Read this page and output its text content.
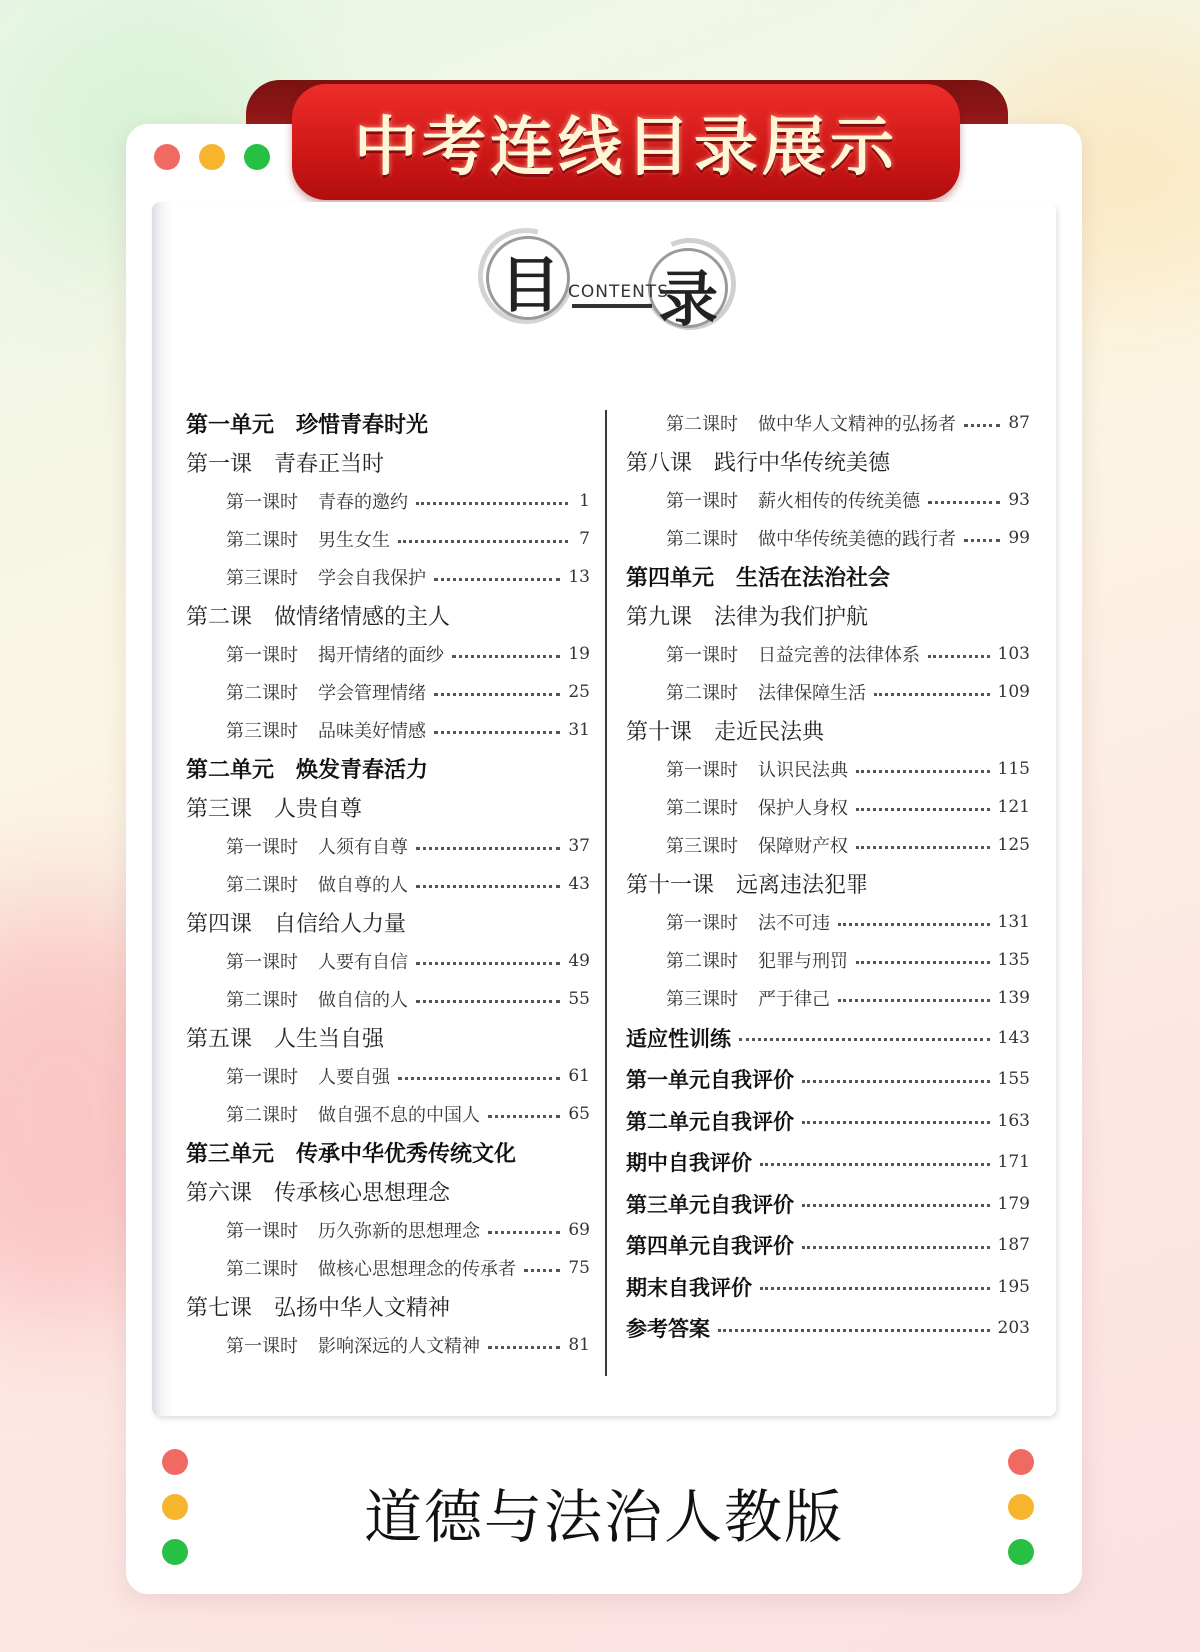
中考连线目录展示
目 录
CONTENTS
第一单元 珍惜青春时光
第一课 青春正当时
第一课时 青春的邀约	1
第二课时 男生女生	7
第三课时 学会自我保护	13
第二课 做情绪情感的主人
第一课时 揭开情绪的面纱	19
第二课时 学会管理情绪	25
第三课时 品味美好情感	31
第二单元 焕发青春活力
第三课 人贵自尊
第一课时 人须有自尊	37
第二课时 做自尊的人	43
第四课 自信给人力量
第一课时 人要有自信	49
第二课时 做自信的人	55
第五课 人生当自强
第一课时 人要自强	61
第二课时 做自强不息的中国人	65
第三单元 传承中华优秀传统文化
第六课 传承核心思想理念
第一课时 历久弥新的思想理念	69
第二课时 做核心思想理念的传承者	75
第七课 弘扬中华人文精神
第一课时 影响深远的人文精神	81
第二课时 做中华人文精神的弘扬者	87
第八课 践行中华传统美德
第一课时 薪火相传的传统美德	93
第二课时 做中华传统美德的践行者	99
第四单元 生活在法治社会
第九课 法律为我们护航
第一课时 日益完善的法律体系	103
第二课时 法律保障生活	109
第十课 走近民法典
第一课时 认识民法典	115
第二课时 保护人身权	121
第三课时 保障财产权	125
第十一课 远离违法犯罪
第一课时 法不可违	131
第二课时 犯罪与刑罚	135
第三课时 严于律己	139
适应性训练	143
第一单元自我评价	155
第二单元自我评价	163
期中自我评价	171
第三单元自我评价	179
第四单元自我评价	187
期末自我评价	195
参考答案	203
道德与法治人教版
